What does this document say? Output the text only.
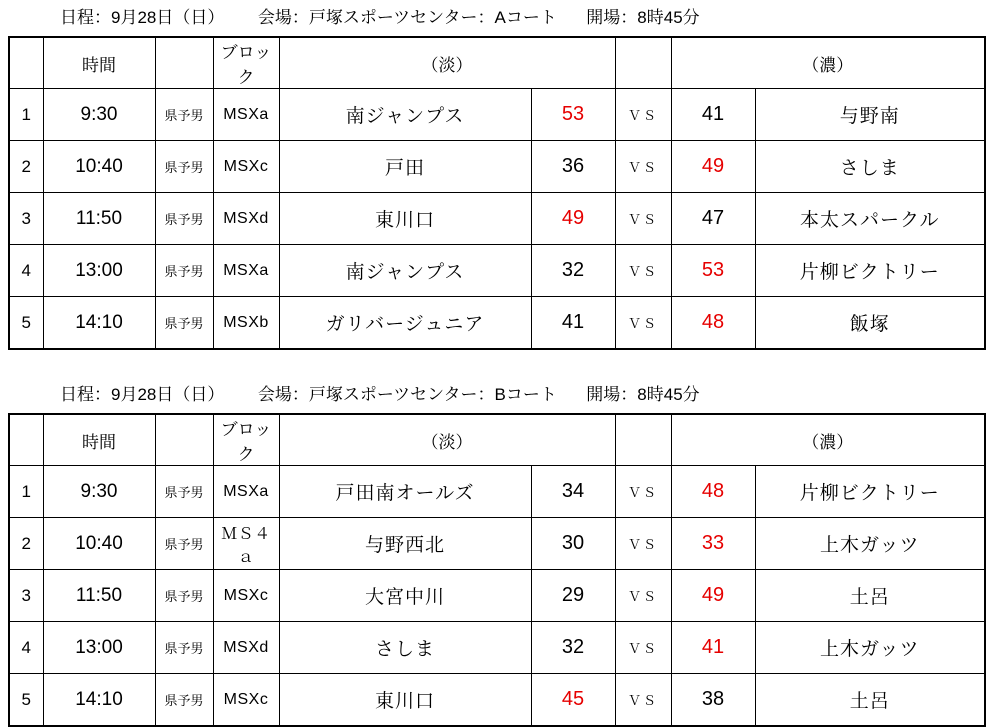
日程：9月28日（日） 会場：戸塚スポーツセンター：Aコート 開場：8時45分
	時間		ブロック	（淡）			（濃）	
1	9:30	県予男	MSXa	南ジャンプス	53	ＶＳ	41	与野南
2	10:40	県予男	MSXc	戸田	36	ＶＳ	49	さしま
3	11:50	県予男	MSXd	東川口	49	ＶＳ	47	本太スパークル
4	13:00	県予男	MSXa	南ジャンプス	32	ＶＳ	53	片柳ビクトリー
5	14:10	県予男	MSXb	ガリバージュニア	41	ＶＳ	48	飯塚
日程：9月28日（日） 会場：戸塚スポーツセンター：Bコート 開場：8時45分
	時間		ブロック	（淡）			（濃）	
1	9:30	県予男	MSXa	戸田南オールズ	34	ＶＳ	48	片柳ビクトリー
2	10:40	県予男	ＭＳ４ａ	与野西北	30	ＶＳ	33	上木ガッツ
3	11:50	県予男	MSXc	大宮中川	29	ＶＳ	49	土呂
4	13:00	県予男	MSXd	さしま	32	ＶＳ	41	上木ガッツ
5	14:10	県予男	MSXc	東川口	45	ＶＳ	38	土呂
